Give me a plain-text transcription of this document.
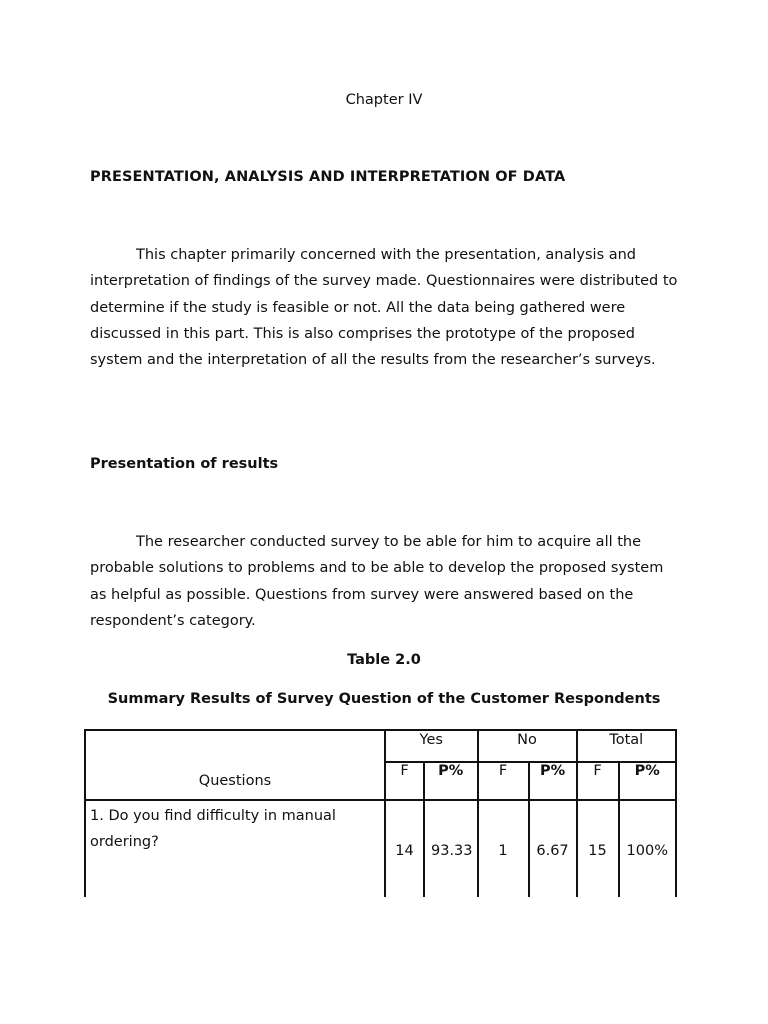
Chapter IV

PRESENTATION, ANALYSIS AND INTERPRETATION OF DATA

This chapter primarily concerned with the presentation, analysis and interpretation of findings of the survey made. Questionnaires were distributed to determine if the study is feasible or not. All the data being gathered were discussed in this part. This is also comprises the prototype of the proposed system and the interpretation of all the results from the researcher’s surveys.

Presentation of results

The researcher conducted survey to be able for him to acquire all the probable solutions to problems and to be able to develop the proposed system as helpful as possible. Questions from survey were answered based on the respondent’s category.

Table 2.0

Summary Results of Survey Question of the Customer Respondents

Questions	Yes		No		Total	
	F	P%	F	P%	F	P%
1. Do you find difficulty in manual ordering?	14	93.33	1	6.67	15	100%
